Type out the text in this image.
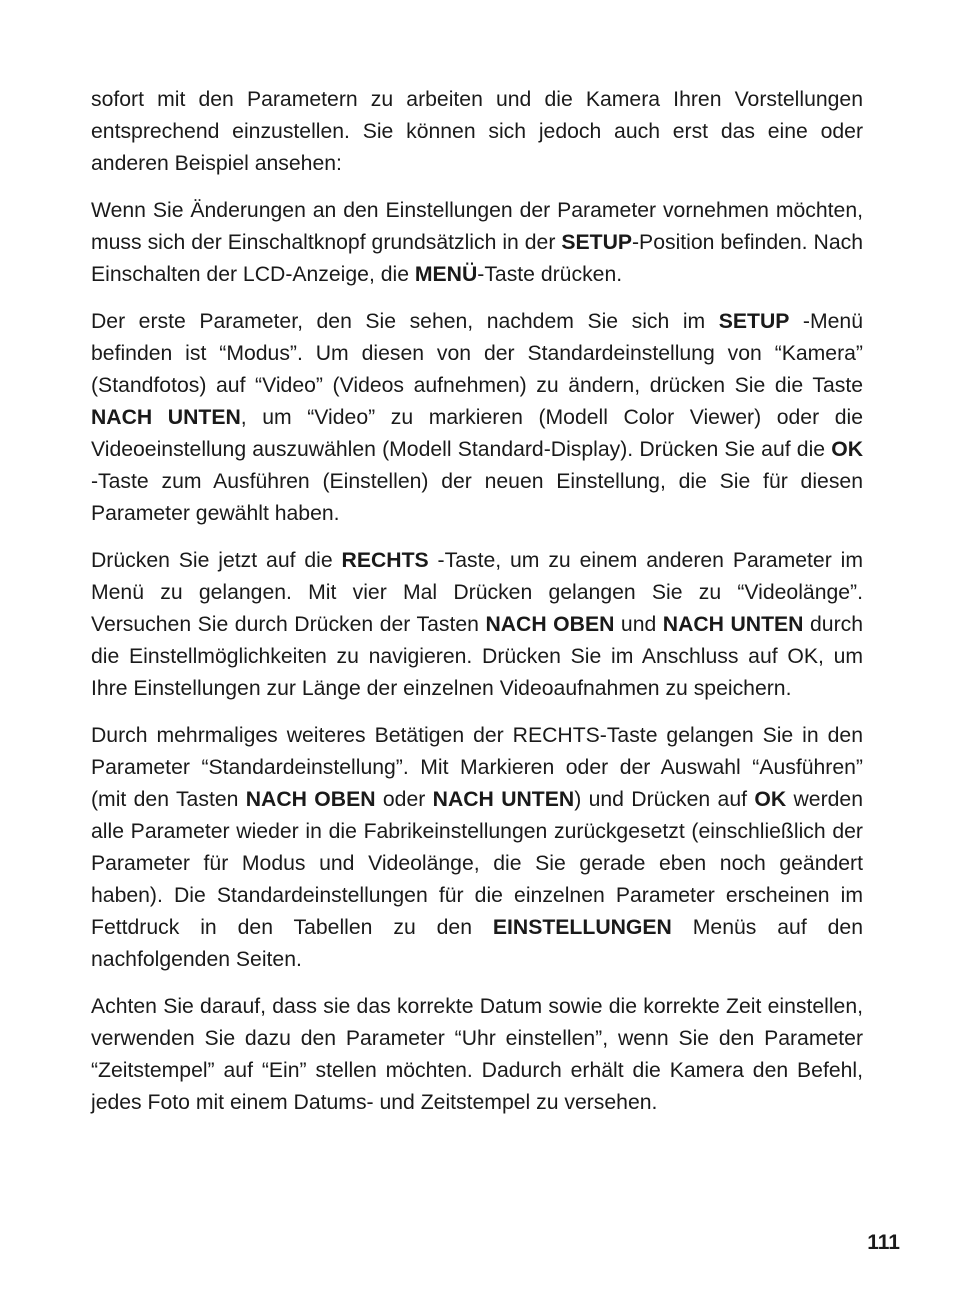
sofort mit den Parametern zu arbeiten und die Kamera Ihren Vorstellungen entsprechend einzustellen. Sie können sich jedoch auch erst das eine oder anderen Beispiel ansehen:

Wenn Sie Änderungen an den Einstellungen der Parameter vornehmen möchten, muss sich der Einschaltknopf grundsätzlich in der SETUP-Position befinden. Nach Einschalten der LCD-Anzeige, die MENÜ-Taste drücken.

Der erste Parameter, den Sie sehen, nachdem Sie sich im SETUP -Menü befinden ist “Modus”. Um diesen von der Standardeinstellung von “Kamera” (Standfotos) auf “Video” (Videos aufnehmen) zu ändern, drücken Sie die Taste NACH UNTEN, um “Video” zu markieren (Modell Color Viewer) oder die Videoeinstellung auszuwählen (Modell Standard-Display). Drücken Sie auf die OK -Taste zum Ausführen (Einstellen) der neuen Einstellung, die Sie für diesen Parameter gewählt haben.

Drücken Sie jetzt auf die RECHTS -Taste, um zu einem anderen Parameter im Menü zu gelangen. Mit vier Mal Drücken gelangen Sie zu “Videolänge”. Versuchen Sie durch Drücken der Tasten NACH OBEN und NACH UNTEN durch die Einstellmöglichkeiten zu navigieren. Drücken Sie im Anschluss auf OK, um Ihre Einstellungen zur Länge der einzelnen Videoaufnahmen zu speichern.

Durch mehrmaliges weiteres Betätigen der RECHTS-Taste gelangen Sie in den Parameter “Standardeinstellung”. Mit Markieren oder der Auswahl “Ausführen” (mit den Tasten NACH OBEN oder NACH UNTEN) und Drücken auf OK werden alle Parameter wieder in die Fabrikeinstellungen zurückgesetzt (einschließlich der Parameter für Modus und Videolänge, die Sie gerade eben noch geändert haben). Die Standardeinstellungen für die einzelnen Parameter erscheinen im Fettdruck in den Tabellen zu den EINSTELLUNGEN Menüs auf den nachfolgenden Seiten.

Achten Sie darauf, dass sie das korrekte Datum sowie die korrekte Zeit einstellen, verwenden Sie dazu den Parameter “Uhr einstellen”, wenn Sie den Parameter “Zeitstempel” auf “Ein” stellen möchten. Dadurch erhält die Kamera den Befehl, jedes Foto mit einem Datums- und Zeitstempel zu versehen.

111
